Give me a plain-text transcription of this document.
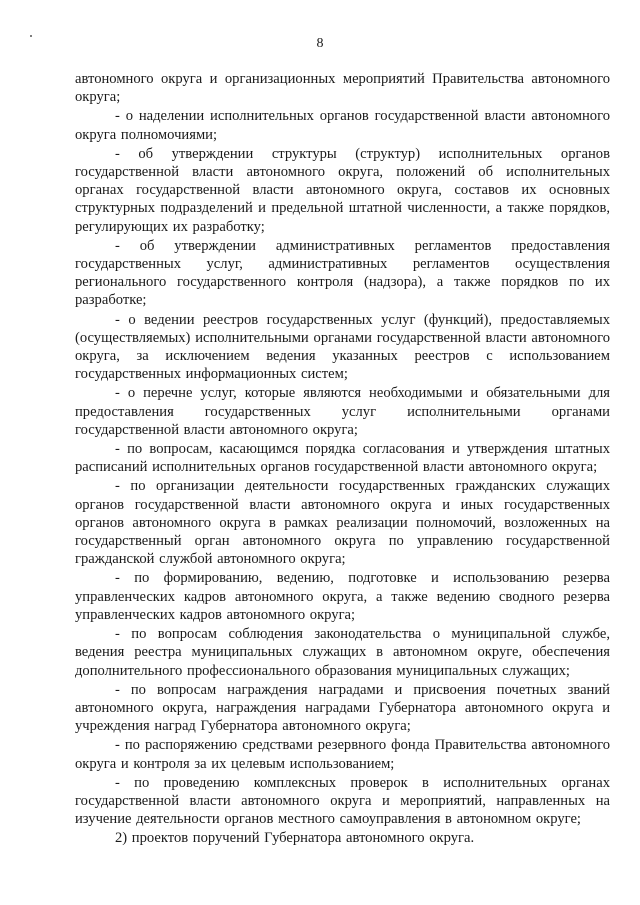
8

автономного округа и организационных мероприятий Правительства автономного округа;

- о наделении исполнительных органов государственной власти автономного округа полномочиями;

- об утверждении структуры (структур) исполнительных органов государственной власти автономного округа, положений об исполнительных органах государственной власти автономного округа, составов их основных структурных подразделений и предельной штатной численности, а также порядков, регулирующих их разработку;

- об утверждении административных регламентов предоставления государственных услуг, административных регламентов осуществления регионального государственного контроля (надзора), а также порядков по их разработке;

- о ведении реестров государственных услуг (функций), предоставляемых (осуществляемых) исполнительными органами государственной власти автономного округа, за исключением ведения указанных реестров с использованием государственных информационных систем;

- о перечне услуг, которые являются необходимыми и обязательными для предоставления государственных услуг исполнительными органами государственной власти автономного округа;

- по вопросам, касающимся порядка согласования и утверждения штатных расписаний исполнительных органов государственной власти автономного округа;

- по организации деятельности государственных гражданских служащих органов государственной власти автономного округа и иных государственных органов автономного округа в рамках реализации полномочий, возложенных на государственный орган автономного округа по управлению государственной гражданской службой автономного округа;

- по формированию, ведению, подготовке и использованию резерва управленческих кадров автономного округа, а также ведению сводного резерва управленческих кадров автономного округа;

- по вопросам соблюдения законодательства о муниципальной службе, ведения реестра муниципальных служащих в автономном округе, обеспечения дополнительного профессионального образования муниципальных служащих;

- по вопросам награждения наградами и присвоения почетных званий автономного округа, награждения наградами Губернатора автономного округа и учреждения наград Губернатора автономного округа;

- по распоряжению средствами резервного фонда Правительства автономного округа и контроля за их целевым использованием;

- по проведению комплексных проверок в исполнительных органах государственной власти автономного округа и мероприятий, направленных на изучение деятельности органов местного самоуправления в автономном округе;

2) проектов поручений Губернатора автономного округа.
